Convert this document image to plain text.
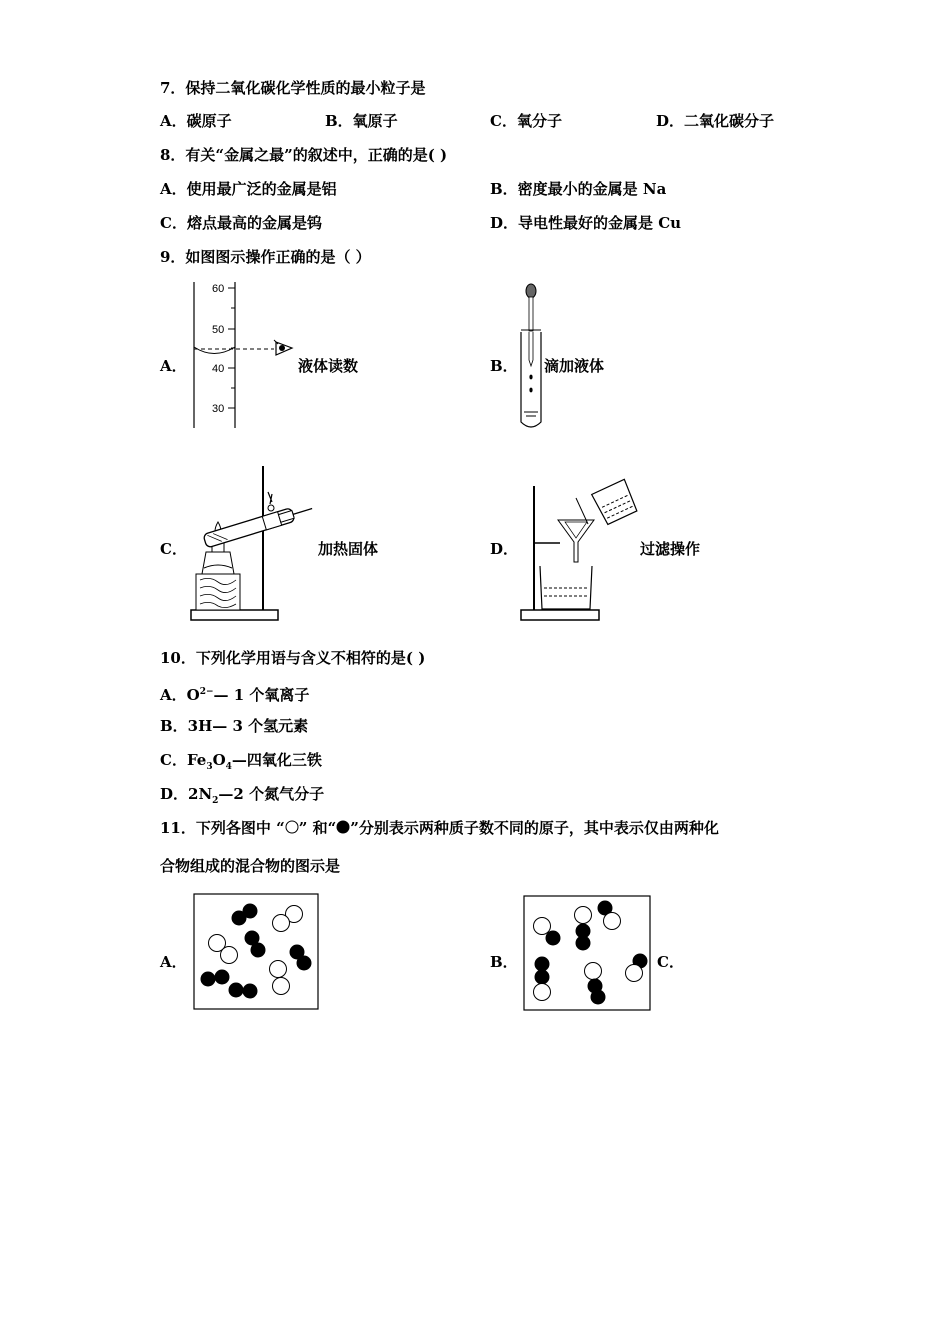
7．保持二氧化碳化学性质的最小粒子是
A．碳原子	B．氧原子	C．氧分子	D．二氧化碳分子
8．有关“金属之最”的叙述中，正确的是( )
A．使用最广泛的金属是铝	B．密度最小的金属是 Na
C．熔点最高的金属是钨	D．导电性最好的金属是 Cu
9．如图图示操作正确的是（ ）
A．
60
50
40
30
液体读数	B． 滴加液体
C．	加热固体	D．	过滤操作
10．下列化学用语与含义不相符的是( )
A．$O^{2-}—$ 1 个氧离子
B．3H— 3 个氢元素
C．$Fe_3O_4—$四氧化三铁
D．$2N_2—2$ 个氮气分子
11．下列各图中 “ ” 和“ ”分别表示两种质子数不同的原子，其中表示仅由两种化
合物组成的混合物的图示是
A．	B．	C．
